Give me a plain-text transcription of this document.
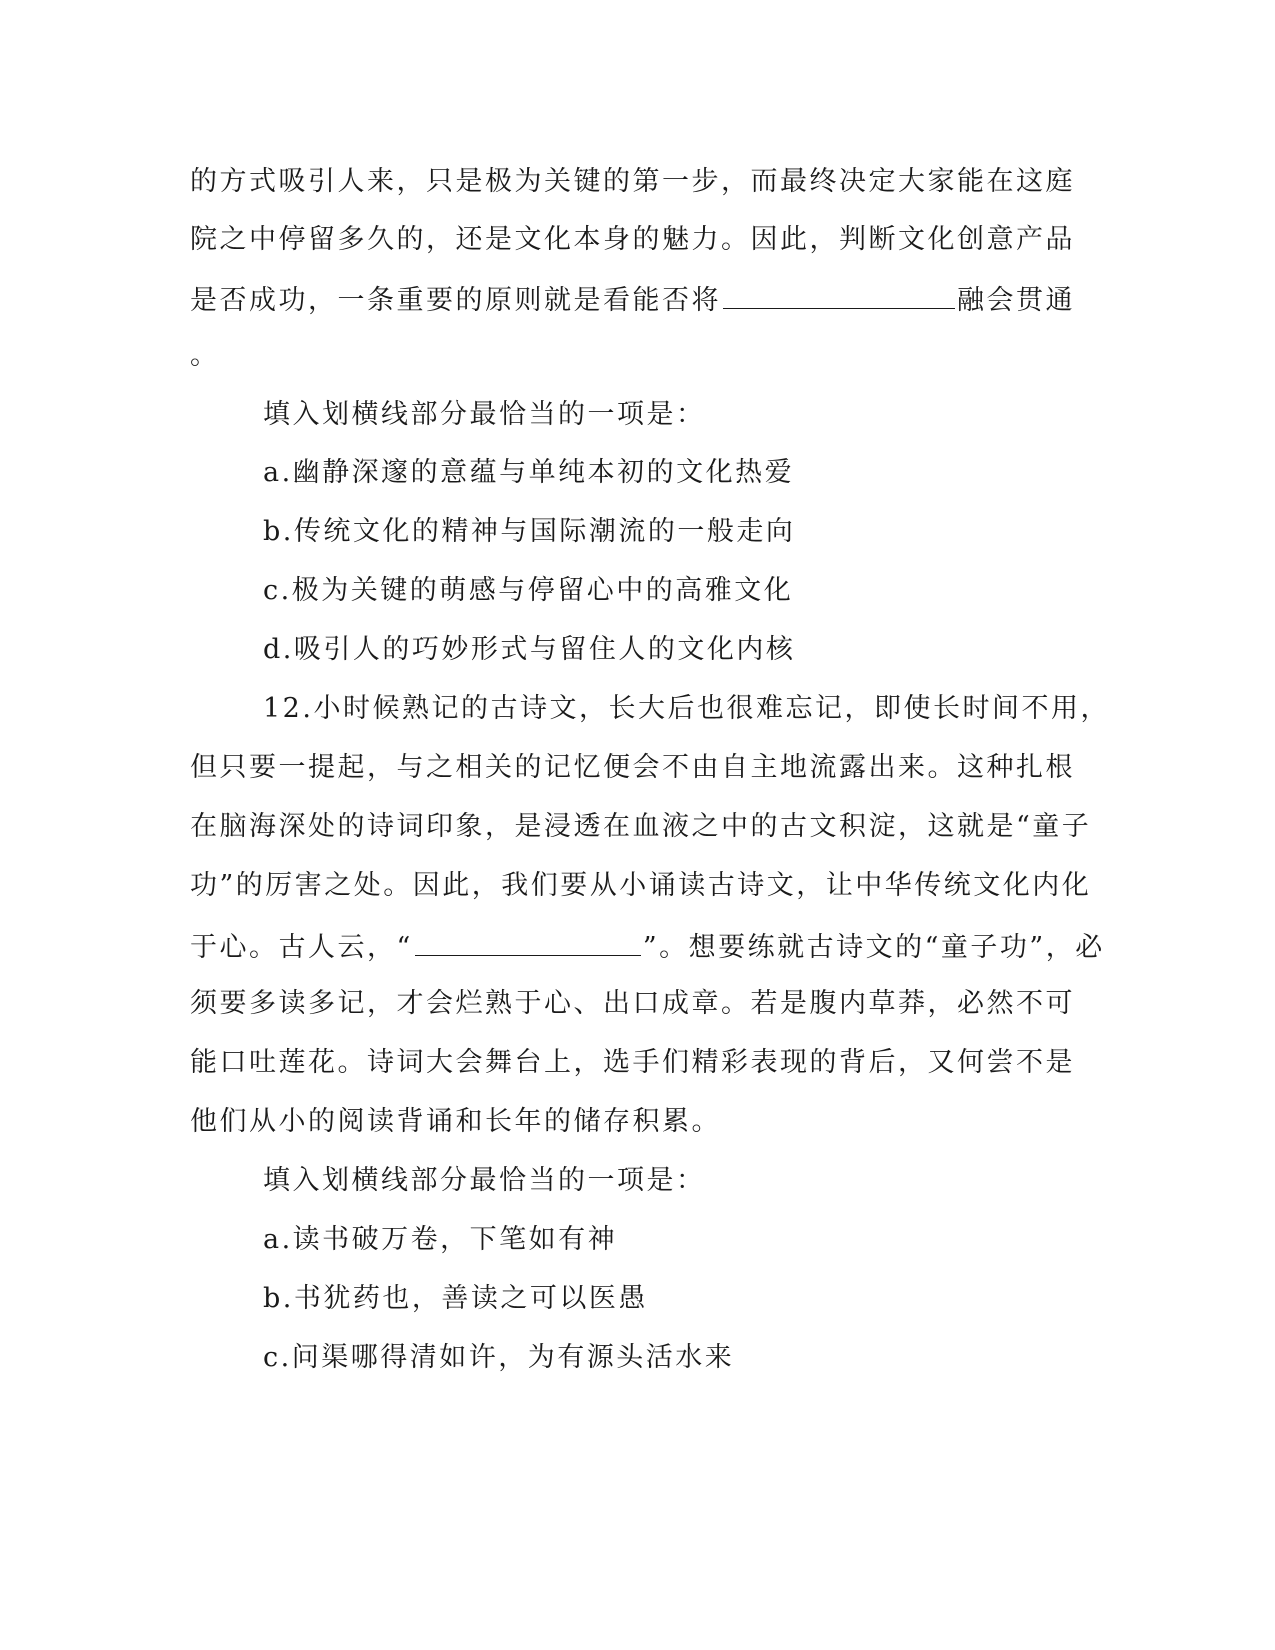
的方式吸引人来，只是极为关键的第一步，而最终决定大家能在这庭
院之中停留多久的，还是文化本身的魅力。因此，判断文化创意产品
是否成功，一条重要的原则就是看能否将	融会贯通
。
填入划横线部分最恰当的一项是：
a.幽静深邃的意蕴与单纯本初的文化热爱
b.传统文化的精神与国际潮流的一般走向
c.极为关键的萌感与停留心中的高雅文化
d.吸引人的巧妙形式与留住人的文化内核
12.小时候熟记的古诗文，长大后也很难忘记，即使长时间不用，
但只要一提起，与之相关的记忆便会不由自主地流露出来。这种扎根
在脑海深处的诗词印象，是浸透在血液之中的古文积淀，这就是“童子
功”的厉害之处。因此，我们要从小诵读古诗文，让中华传统文化内化
于心。古人云，“	”。想要练就古诗文的“童子功”，必
须要多读多记，才会烂熟于心、出口成章。若是腹内草莽，必然不可
能口吐莲花。诗词大会舞台上，选手们精彩表现的背后，又何尝不是
他们从小的阅读背诵和长年的储存积累。
填入划横线部分最恰当的一项是：
a.读书破万卷，下笔如有神
b.书犹药也，善读之可以医愚
c.问渠哪得清如许，为有源头活水来
